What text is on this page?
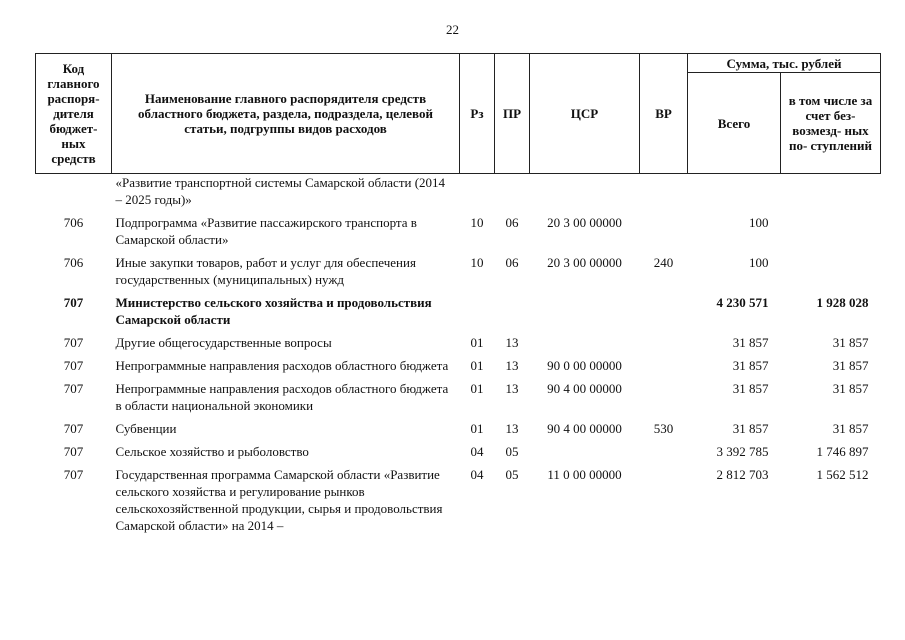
22
Код главного распоря- дителя бюджет- ных средств	Наименование главного распорядителя средств областного бюджета, раздела, подраздела, целевой статьи, подгруппы видов расходов	Рз	ПР	ЦСР	ВР	Сумма, тыс. рублей	
						Всего	в том числе за счет без- возмезд- ных по- ступлений
	«Развитие транспортной системы Самарской области (2014 – 2025 годы)»						
706	Подпрограмма «Развитие пассажирского транспорта в Самарской области»	10	06	20 3 00 00000		100	
706	Иные закупки товаров, работ и услуг для обеспечения государственных (муниципальных) нужд	10	06	20 3 00 00000	240	100	
707	Министерство сельского хозяйства и продовольствия Самарской области					4 230 571	1 928 028
707	Другие общегосударственные вопросы	01	13			31 857	31 857
707	Непрограммные направления расходов областного бюджета	01	13	90 0 00 00000		31 857	31 857
707	Непрограммные направления расходов областного бюджета в области национальной экономики	01	13	90 4 00 00000		31 857	31 857
707	Субвенции	01	13	90 4 00 00000	530	31 857	31 857
707	Сельское хозяйство и рыболовство	04	05			3 392 785	1 746 897
707	Государственная программа Самарской области «Развитие сельского хозяйства и регулирование рынков сельскохозяйственной продукции, сырья и продовольствия Самарской области» на 2014 –	04	05	11 0 00 00000		2 812 703	1 562 512
